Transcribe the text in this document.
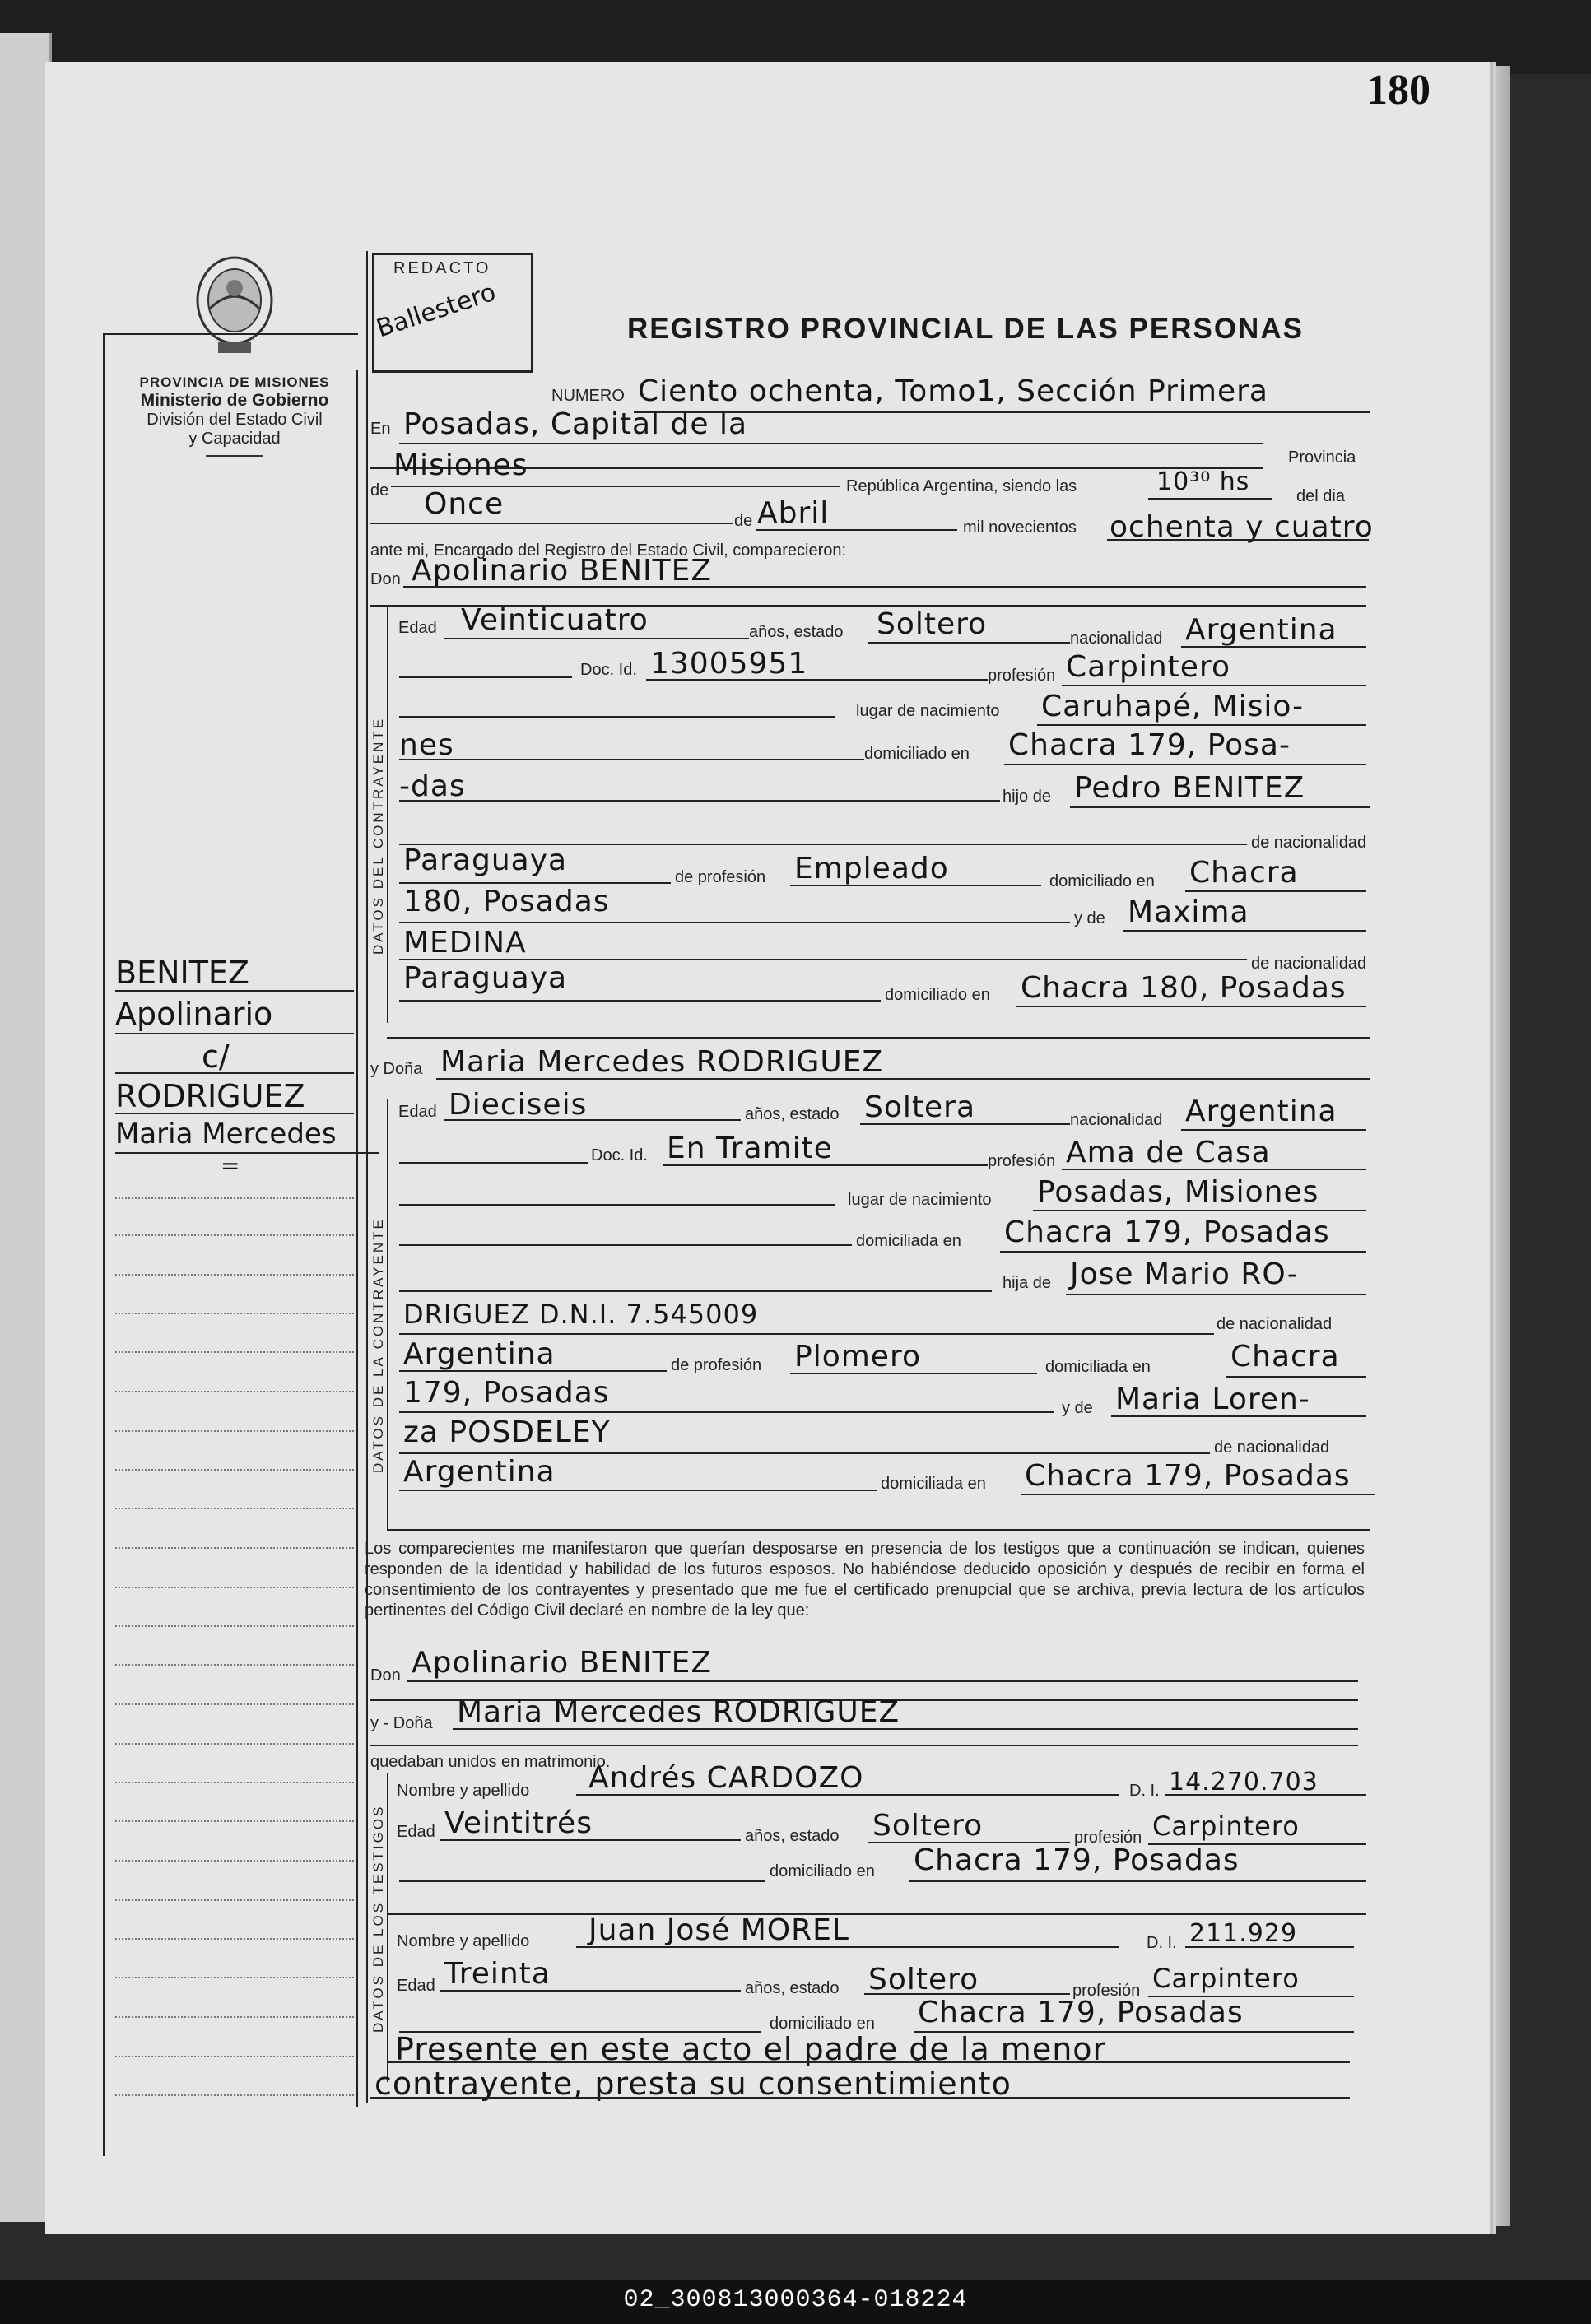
180
PROVINCIA DE MISIONES
Ministerio de Gobierno
División del Estado Civil
y Capacidad
REDACTO
Ballestero	REGISTRO PROVINCIAL DE LAS PERSONAS
NUMERO Ciento ochenta, Tomo1, Sección Primera
En Posadas, Capital de la
Provincia
de
Misiones
República Argentina, siendo las	10³⁰ hs	del dia
Once	de Abril	mil novecientos ochenta y cuatro
ante mi, Encargado del Registro del Estado Civil, comparecieron:
Don Apolinario BENITEZ
DATOS DEL CONTRAYENTE
Edad Veinticuatro	años, estado Soltero	nacionalidad Argentina
Doc. Id. 13005951	profesión Carpintero
lugar de nacimiento Caruhapé, Misio-
nes	domiciliado en Chacra 179, Posa-
-das	hijo de Pedro BENITEZ
de nacionalidad
Paraguaya	de profesión Empleado	domiciliado en Chacra
180, Posadas	y de Maxima
MEDINA
de nacionalidad
Paraguaya	domiciliado en Chacra 180, Posadas
y Doña Maria Mercedes RODRIGUEZ
DATOS DE LA CONTRAYENTE
Edad Dieciseis	años, estado Soltera	nacionalidad Argentina
Doc. Id. En Tramite	profesión Ama de Casa
lugar de nacimiento Posadas, Misiones
domiciliada en Chacra 179, Posadas
hija de Jose Mario RO-
DRIGUEZ D.N.I. 7.545009	de nacionalidad
Argentina	de profesión Plomero	domiciliada en	Chacra
179, Posadas	y de Maria Loren-
za POSDELEY	de nacionalidad
Argentina	domiciliada en Chacra 179, Posadas
Los comparecientes me manifestaron que querían desposarse en presencia de los testigos que a continuación se indican, quienes responden de la identidad y habilidad de los futuros esposos. No habiéndose deducido oposición y después de recibir en forma el consentimiento de los contrayentes y presentado que me fue el certificado prenupcial que se archiva, previa lectura de los artículos pertinentes del Código Civil declaré en nombre de la ley que:
Don Apolinario BENITEZ
y - Doña Maria Mercedes RODRIGUEZ
quedaban unidos en matrimonio.
DATOS DE LOS TESTIGOS
Nombre y apellido Andrés CARDOZO	D. I. 14.270.703
Edad Veintitrés	años, estado Soltero	profesión Carpintero
domiciliado en Chacra 179, Posadas
Nombre y apellido Juan José MOREL	D. I. 211.929
Edad Treinta	años, estado Soltero	profesión Carpintero
domiciliado en Chacra 179, Posadas
Presente en este acto el padre de la menor
contrayente, presta su consentimiento
BENITEZ
Apolinario
c/
RODRIGUEZ
Maria Mercedes
=
02_300813000364-018224
